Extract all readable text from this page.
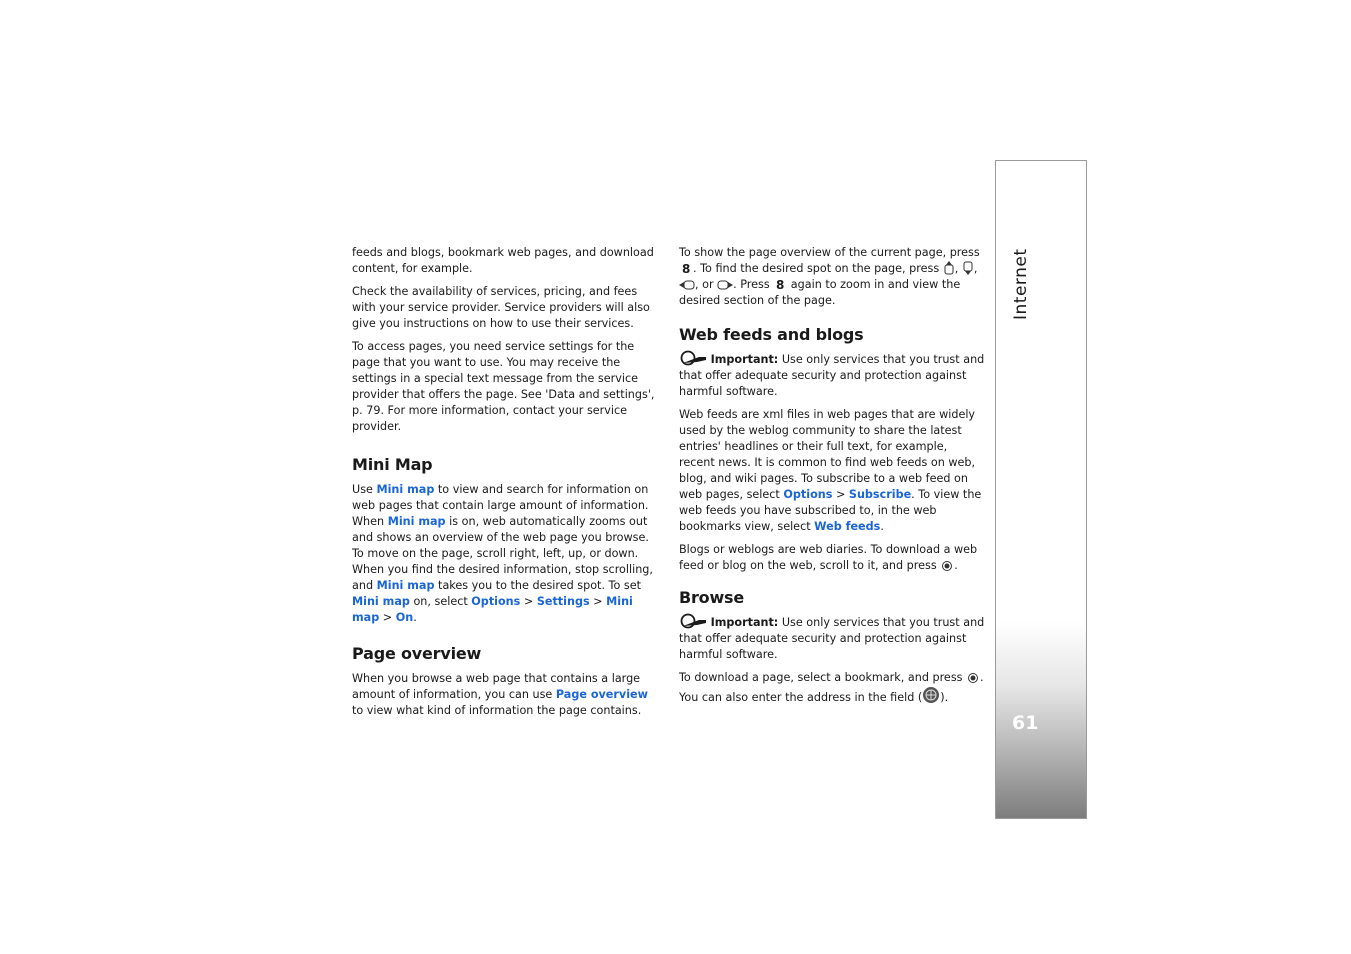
feeds and blogs, bookmark web pages, and download content, for example.

Check the availability of services, pricing, and fees with your service provider. Service providers will also give you instructions on how to use their services.

To access pages, you need service settings for the page that you want to use. You may receive the settings in a special text message from the service provider that offers the page. See 'Data and settings', p. 79. For more information, contact your service provider.

Mini Map

Use Mini map to view and search for information on web pages that contain large amount of information. When Mini map is on, web automatically zooms out and shows an overview of the web page you browse. To move on the page, scroll right, left, up, or down. When you find the desired information, stop scrolling, and Mini map takes you to the desired spot. To set Mini map on, select Options > Settings > Mini map > On.

Page overview

When you browse a web page that contains a large amount of information, you can use Page overview to view what kind of information the page contains.

To show the page overview of the current page, press
8 . To find the desired spot on the page, press , , , or . Press 8 again to zoom in and view the desired section of the page.

Web feeds and blogs

Important: Use only services that you trust and that offer adequate security and protection against harmful software.

Web feeds are xml files in web pages that are widely used by the weblog community to share the latest entries' headlines or their full text, for example, recent news. It is common to find web feeds on web, blog, and wiki pages. To subscribe to a web feed on web pages, select Options > Subscribe. To view the web feeds you have subscribed to, in the web bookmarks view, select Web feeds.

Blogs or weblogs are web diaries. To download a web feed or blog on the web, scroll to it, and press .

Browse

Important: Use only services that you trust and that offer adequate security and protection against harmful software.

To download a page, select a bookmark, and press . You can also enter the address in the field ( ).

Internet
61
